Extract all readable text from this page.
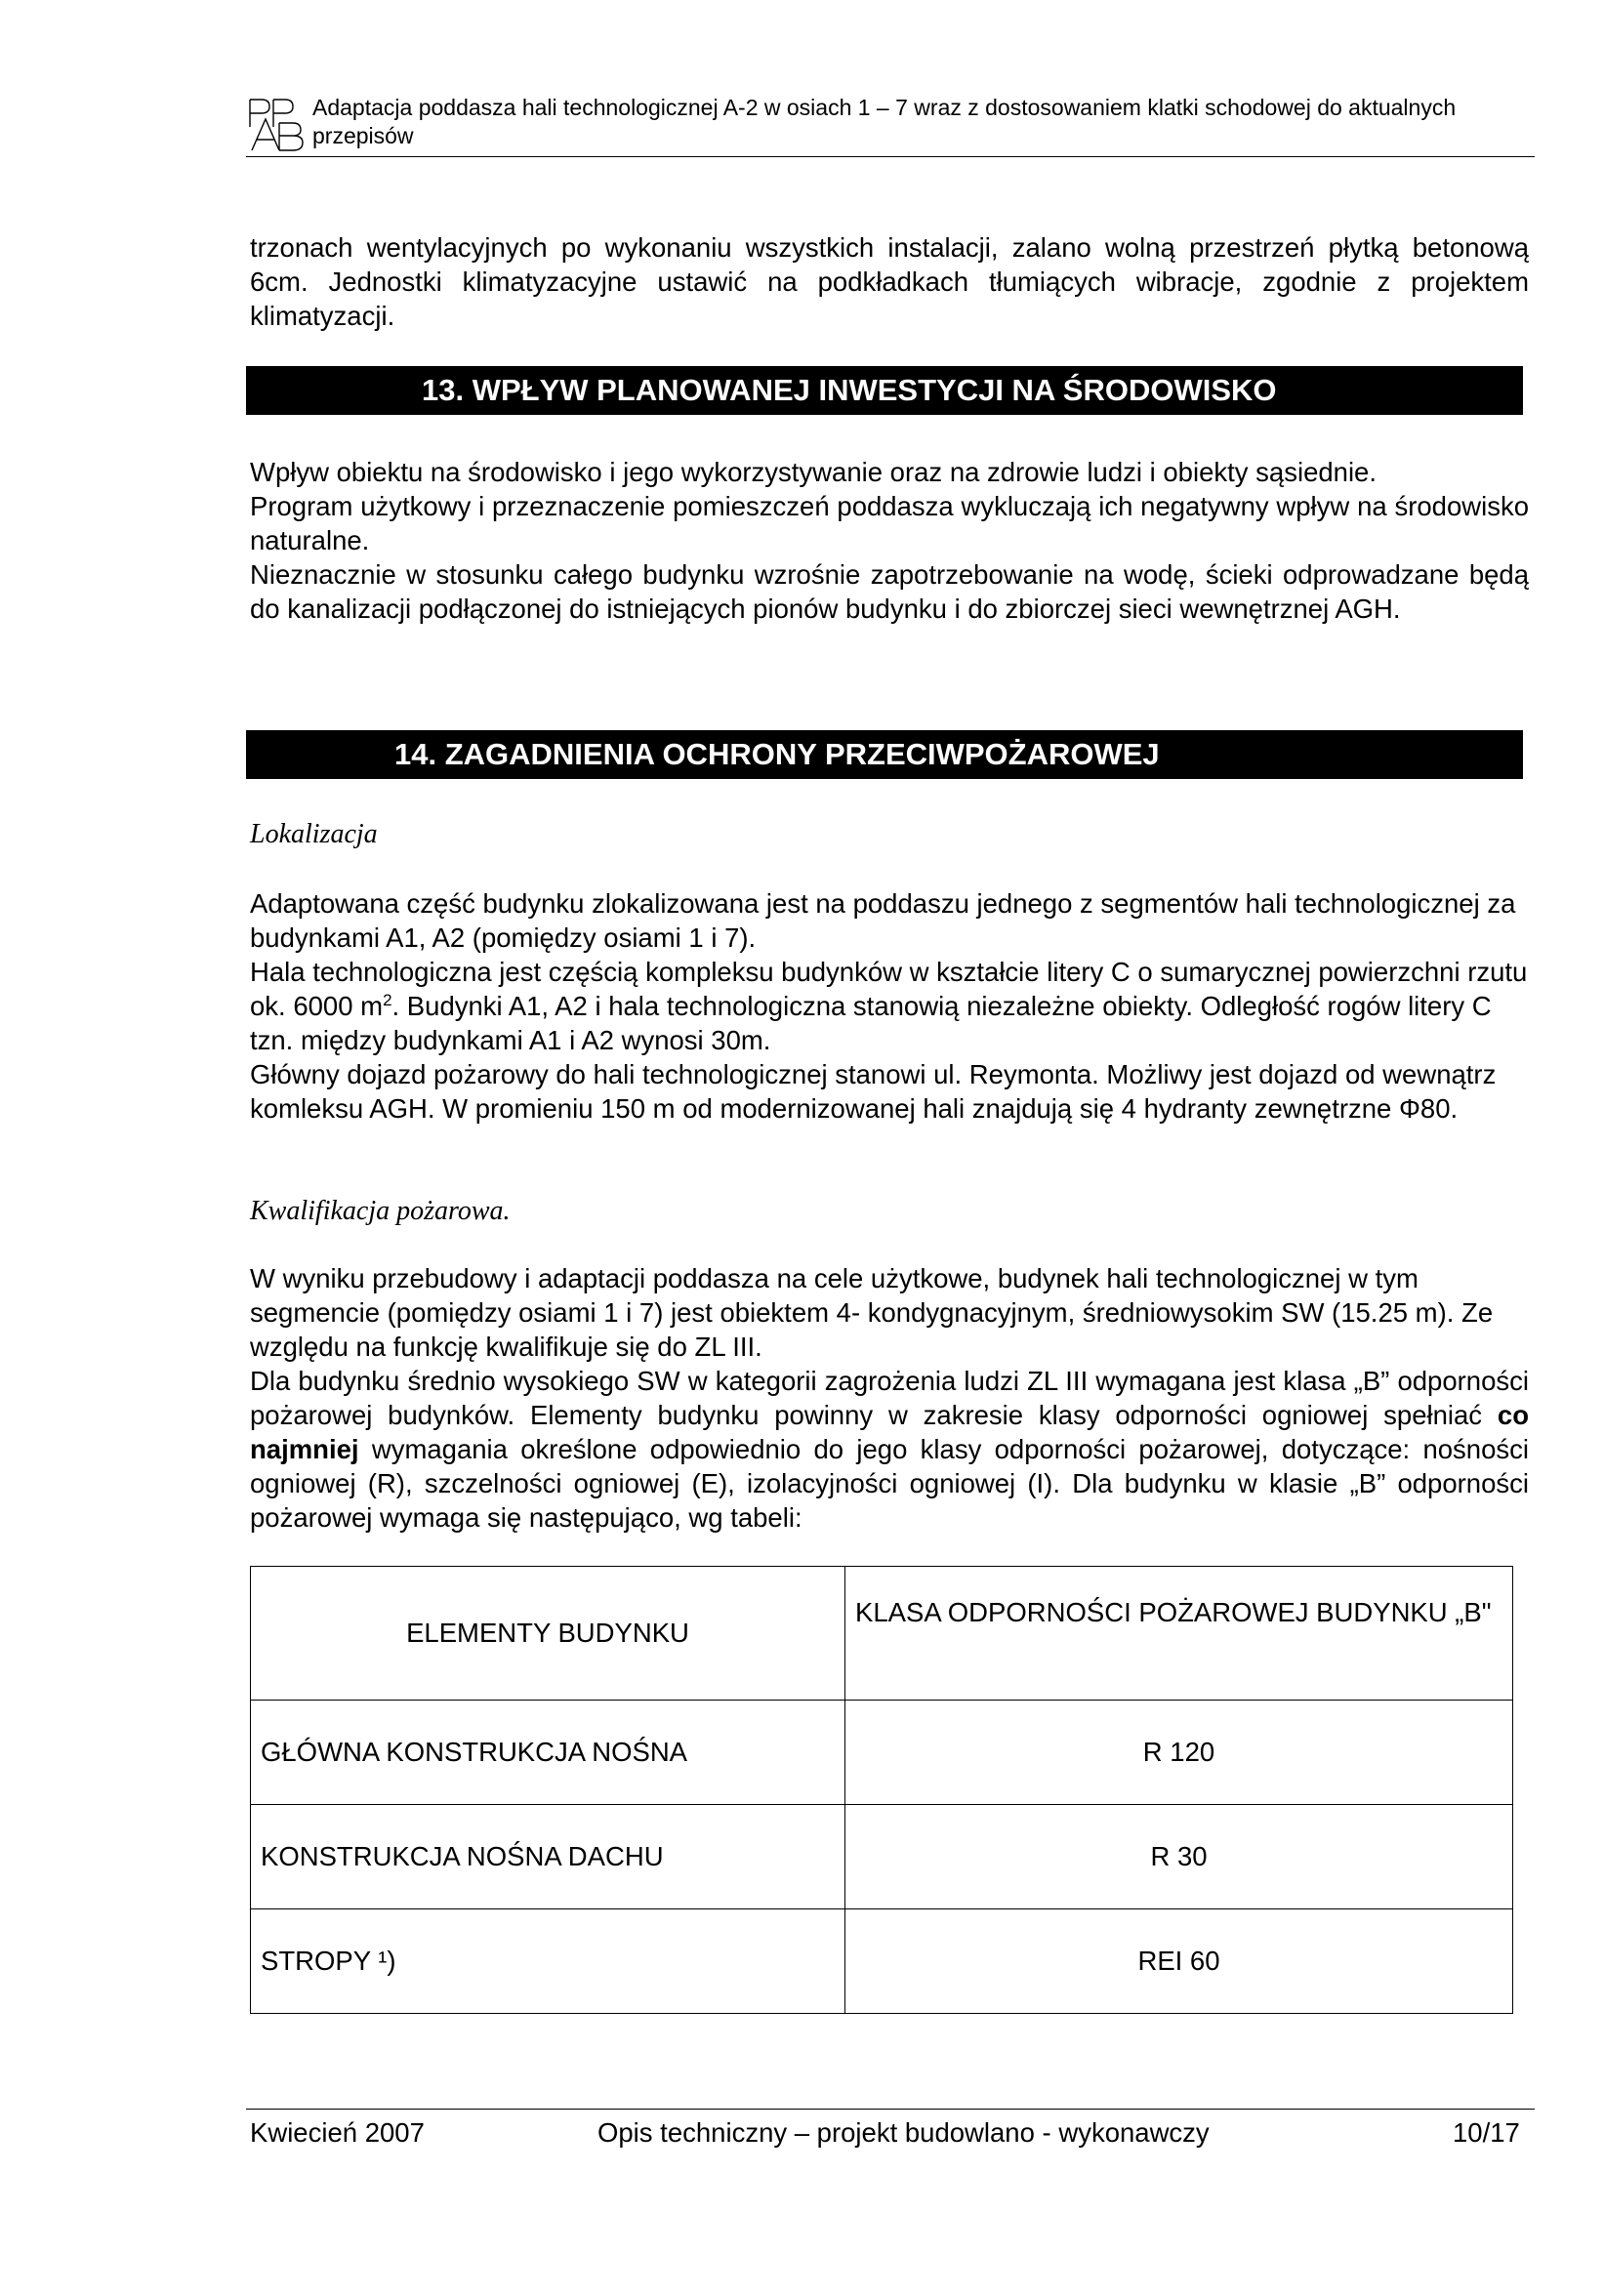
Adaptacja poddasza hali technologicznej A-2 w osiach 1 – 7 wraz z dostosowaniem klatki schodowej do aktualnych przepisów

trzonach wentylacyjnych po wykonaniu wszystkich instalacji, zalano wolną przestrzeń płytką betonową 6cm. Jednostki klimatyzacyjne ustawić na podkładkach tłumiących wibracje, zgodnie z projektem klimatyzacji.

13. WPŁYW PLANOWANEJ INWESTYCJI NA ŚRODOWISKO

Wpływ obiektu na środowisko i jego wykorzystywanie oraz na zdrowie ludzi i obiekty sąsiednie.

Program użytkowy i przeznaczenie pomieszczeń poddasza wykluczają ich negatywny wpływ na środowisko naturalne.

Nieznacznie w stosunku całego budynku wzrośnie zapotrzebowanie na wodę, ścieki odprowadzane będą do kanalizacji podłączonej do istniejących pionów budynku i do zbiorczej sieci wewnętrznej AGH.

14. ZAGADNIENIA OCHRONY PRZECIWPOŻAROWEJ
Lokalizacja

Adaptowana część budynku zlokalizowana jest na poddaszu jednego z segmentów hali technologicznej za budynkami A1, A2 (pomiędzy osiami 1 i 7).

Hala technologiczna jest częścią kompleksu budynków w kształcie litery C o sumarycznej powierzchni rzutu ok. 6000 $m^2$. Budynki A1, A2 i hala technologiczna stanowią niezależne obiekty. Odległość rogów litery C tzn. między budynkami A1 i A2 wynosi 30m.

Główny dojazd pożarowy do hali technologicznej stanowi ul. Reymonta. Możliwy jest dojazd od wewnątrz komleksu AGH. W promieniu 150 m od modernizowanej hali znajdują się 4 hydranty zewnętrzne Φ80.

Kwalifikacja pożarowa.

W wyniku przebudowy i adaptacji poddasza na cele użytkowe, budynek hali technologicznej w tym segmencie (pomiędzy osiami 1 i 7) jest obiektem 4- kondygnacyjnym, średniowysokim SW (15.25 m). Ze względu na funkcję kwalifikuje się do ZL III.

Dla budynku średnio wysokiego SW w kategorii zagrożenia ludzi ZL III wymagana jest klasa „B” odporności pożarowej budynków. Elementy budynku powinny w zakresie klasy odporności ogniowej spełniać co najmniej wymagania określone odpowiednio do jego klasy odporności pożarowej, dotyczące: nośności ogniowej (R), szczelności ogniowej (E), izolacyjności ogniowej (I). Dla budynku w klasie „B” odporności pożarowej wymaga się następująco, wg tabeli:

ELEMENTY BUDYNKU	KLASA ODPORNOŚCI POŻAROWEJ BUDYNKU „B"
GŁÓWNA KONSTRUKCJA NOŚNA	R 120
KONSTRUKCJA NOŚNA DACHU	R 30
STROPY ¹)	REI 60
Kwiecień 2007	Opis techniczny – projekt budowlano - wykonawczy	10/17
